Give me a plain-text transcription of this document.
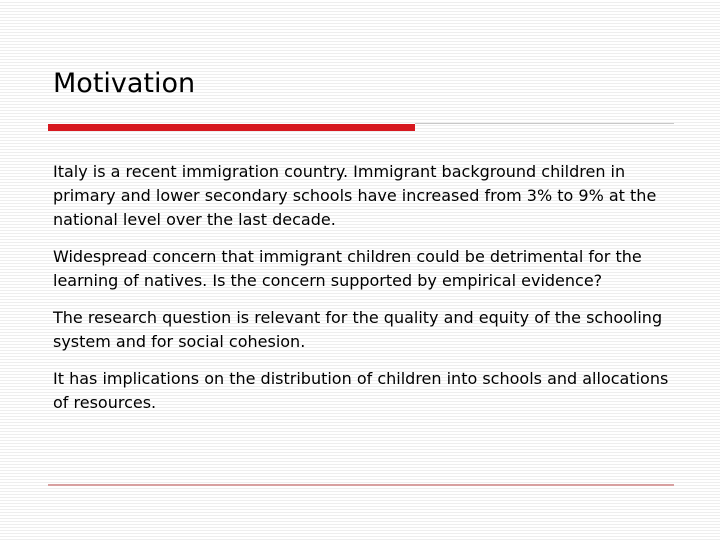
Motivation

Italy is a recent immigration country. Immigrant background children in
primary and lower secondary schools have increased from 3% to 9% at the
national level over the last decade.

Widespread concern that immigrant children could be detrimental for the
learning of natives. Is the concern supported by empirical evidence?

The research question is relevant for the quality and equity of the schooling
system and for social cohesion.

It has implications on the distribution of children into schools and allocations
of resources.
